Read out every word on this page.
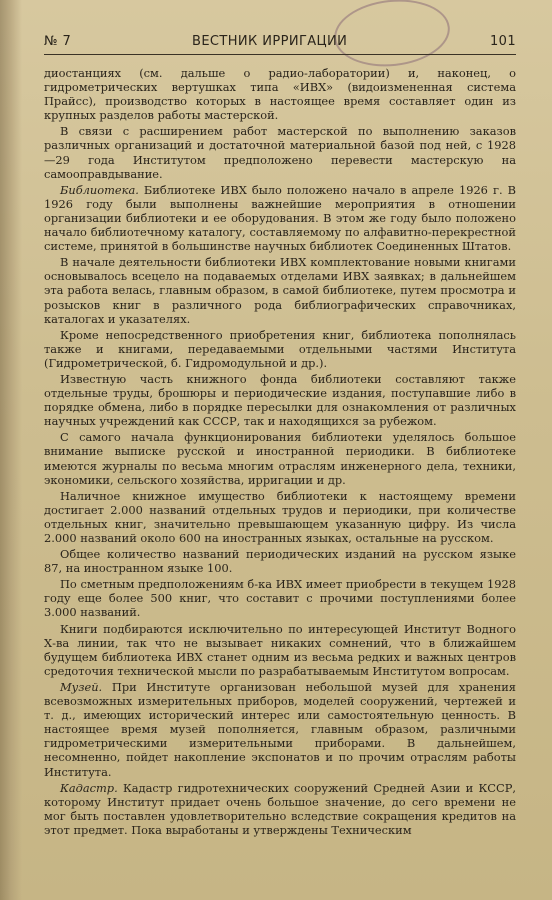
№ 7	ВЕСТНИК ИРРИГАЦИИ	101

диостанциях (см. дальше о радио-лаборатории) и, наконец, о гидрометрических вертушках типа «ИВХ» (видоизмененная система Прайсс), производство которых в настоящее время составляет один из крупных разделов работы мастерской.

В связи с расширением работ мастерской по выполнению заказов различных организаций и достаточной материальной базой под ней, с 1928—29 года Институтом предположено перевести мастерскую на самооправдывание.

Библиотека. Библиотеке ИВХ было положено начало в апреле 1926 г. В 1926 году были выполнены важнейшие мероприятия в отношении организации библиотеки и ее оборудования. В этом же году было положено начало библиотечному каталогу, составляемому по алфавитно-перекрестной системе, принятой в большинстве научных библиотек Соединенных Штатов.

В начале деятельности библиотеки ИВХ комплектование новыми книгами основывалось всецело на подаваемых отделами ИВХ заявках; в дальнейшем эта работа велась, главным образом, в самой библиотеке, путем просмотра и розысков книг в различного рода библиографических справочниках, каталогах и указателях.

Кроме непосредственного приобретения книг, библиотека пополнялась также и книгами, передаваемыми отдельными частями Института (Гидрометрической, б. Гидромодульной и др.).

Известную часть книжного фонда библиотеки составляют также отдельные труды, брошюры и периодические издания, поступавшие либо в порядке обмена, либо в порядке пересылки для ознакомления от различных научных учреждений как СССР, так и находящихся за рубежом.

С самого начала функционирования библиотеки уделялось большое внимание выписке русской и иностранной периодики. В библиотеке имеются журналы по весьма многим отраслям инженерного дела, техники, экономики, сельского хозяйства, ирригации и др.

Наличное книжное имущество библиотеки к настоящему времени достигает 2.000 названий отдельных трудов и периодики, при количестве отдельных книг, значительно превышающем указанную цифру. Из числа 2.000 названий около 600 на иностранных языках, остальные на русском.

Общее количество названий периодических изданий на русском языке 87, на иностранном языке 100.

По сметным предположениям б-ка ИВХ имеет приобрести в текущем 1928 году еще более 500 книг, что составит с прочими поступлениями более 3.000 названий.

Книги подбираются исключительно по интересующей Институт Водного Х-ва линии, так что не вызывает никаких сомнений, что в ближайшем будущем библиотека ИВХ станет одним из весьма редких и важных центров средоточия технической мысли по разрабатываемым Институтом вопросам.

Музей. При Институте организован небольшой музей для хранения всевозможных измерительных приборов, моделей сооружений, чертежей и т. д., имеющих исторический интерес или самостоятельную ценность. В настоящее время музей пополняется, главным образом, различными гидрометрическими измерительными приборами. В дальнейшем, несомненно, пойдет накопление экспонатов и по прочим отраслям работы Института.

Кадастр. Кадастр гидротехнических сооружений Средней Азии и КССР, которому Институт придает очень большое значение, до сего времени не мог быть поставлен удовлетворительно вследствие сокращения кредитов на этот предмет. Пока выработаны и утверждены Техническим
